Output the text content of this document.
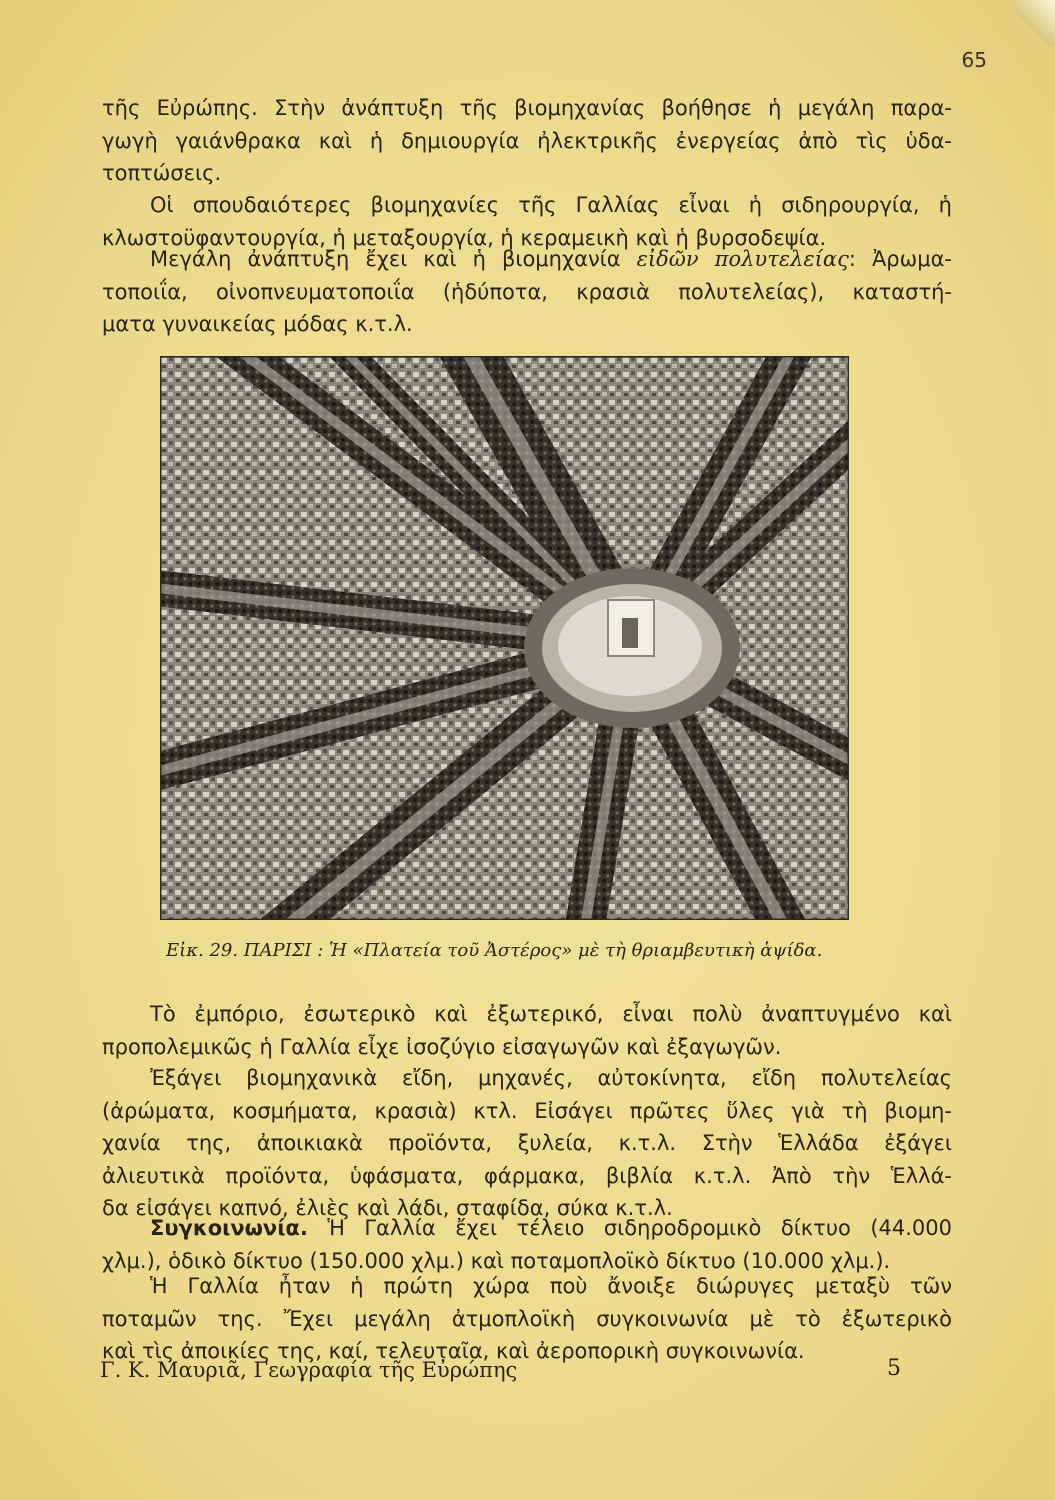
65
τῆς Εὐρώπης. Στὴν ἀνάπτυξη τῆς βιομηχανίας βοήθησε ἡ μεγάλη παρα-
γωγὴ γαιάνθρακα καὶ ἡ δημιουργία ἠλεκτρικῆς ἐνεργείας ἀπὸ τὶς ὑδα-
τοπτώσεις.
Οἱ σπουδαιότερες βιομηχανίες τῆς Γαλλίας εἶναι ἡ σιδηρουργία, ἡ
κλωστοϋφαντουργία, ἡ μεταξουργία, ἡ κεραμεικὴ καὶ ἡ βυρσοδεψία.
Μεγάλη ἀνάπτυξη ἔχει καὶ ἡ βιομηχανία εἰδῶν πολυτελείας: Ἀρωμα-
τοποιΐα, οἰνοπνευματοποιΐα (ἡδύποτα, κρασιὰ πολυτελείας), καταστή-
ματα γυναικείας μόδας κ.τ.λ.
Εἰκ. 29. ΠΑΡΙΣΙ : Ἡ «Πλατεία τοῦ Ἀστέρος» μὲ τὴ θριαμβευτικὴ ἁψίδα.
Τὸ ἐμπόριο, ἐσωτερικὸ καὶ ἐξωτερικό, εἶναι πολὺ ἀναπτυγμένο καὶ
προπολεμικῶς ἡ Γαλλία εἶχε ἰσοζύγιο εἰσαγωγῶν καὶ ἐξαγωγῶν.
Ἐξάγει βιομηχανικὰ εἴδη, μηχανές, αὐτοκίνητα, εἴδη πολυτελείας
(ἀρώματα, κοσμήματα, κρασιὰ) κτλ. Εἰσάγει πρῶτες ὕλες γιὰ τὴ βιομη-
χανία της, ἀποικιακὰ προϊόντα, ξυλεία, κ.τ.λ. Στὴν Ἑλλάδα ἐξάγει
ἀλιευτικὰ προϊόντα, ὑφάσματα, φάρμακα, βιβλία κ.τ.λ. Ἀπὸ τὴν Ἑλλά-
δα εἰσάγει καπνό, ἐλιὲς καὶ λάδι, σταφίδα, σύκα κ.τ.λ.
Συγκοινωνία. Ἡ Γαλλία ἔχει τέλειο σιδηροδρομικὸ δίκτυο (44.000
χλμ.), ὁδικὸ δίκτυο (150.000 χλμ.) καὶ ποταμοπλοϊκὸ δίκτυο (10.000 χλμ.).
Ἡ Γαλλία ἦταν ἡ πρώτη χώρα ποὺ ἄνοιξε διώρυγες μεταξὺ τῶν
ποταμῶν της. Ἔχει μεγάλη ἀτμοπλοϊκὴ συγκοινωνία μὲ τὸ ἐξωτερικὸ
καὶ τὶς ἀποικίες της, καί, τελευταῖα, καὶ ἀεροπορικὴ συγκοινωνία.
Γ. Κ. Μαυριᾶ, Γεωγραφία τῆς Εὐρώπης	5
